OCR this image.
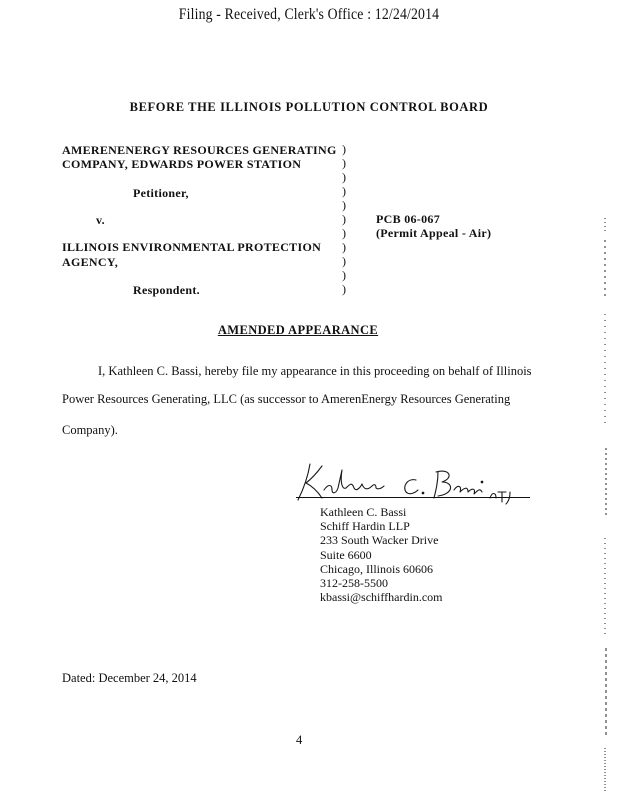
Filing - Received, Clerk's Office : 12/24/2014
BEFORE THE ILLINOIS POLLUTION CONTROL BOARD
AMERENENERGY RESOURCES GENERATING
COMPANY, EDWARDS POWER STATION
Petitioner,
v.
ILLINOIS ENVIRONMENTAL PROTECTION
AGENCY,
Respondent.
)
)
)
)
)
)
)
)
)
)
)
PCB 06-067
(Permit Appeal - Air)
AMENDED APPEARANCE
I, Kathleen C. Bassi, hereby file my appearance in this proceeding on behalf of Illinois
Power Resources Generating, LLC (as successor to AmerenEnergy Resources Generating
Company).
Kathleen C. Bassi
Schiff Hardin LLP
233 South Wacker Drive
Suite 6600
Chicago, Illinois 60606
312-258-5500
kbassi@schiffhardin.com
Dated: December 24, 2014
4
